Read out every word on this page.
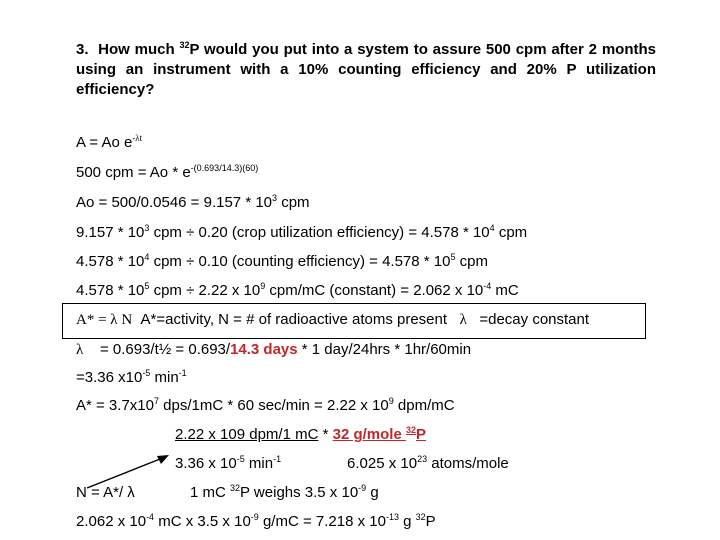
3. How much $^{32}$P would you put into a system to assure 500 cpm after 2 months using an instrument with a 10% counting efficiency and 20% P utilization efficiency?
A = Ao $e^{-\lambda t}$
500 cpm = Ao * $e^{-(0.693/14.3)(60)}$
$Ao = 500/0.0546 = 9.157 * 10^3$ cpm
$9.157 * 10^3$ cpm ÷ 0.20 (crop utilization efficiency) = $4.578 * 10^4$ cpm
$4.578 * 10^4$ cpm ÷ 0.10 (counting efficiency) = $4.578 * 10^5$ cpm
$4.578 * 10^5$ cpm ÷ 2.22 x $10^9$ cpm/mC (constant) = 2.062 x $10^{-4}$ mC
A* = λ N A*=activity, N = # of radioactive atoms present λ =decay constant
λ = 0.693/t½ = 0.693/14.3 days * 1 day/24hrs * 1hr/60min
=3.36 $x10^{-5}$ $\min^{-1}$
$A* = 3.7x10^7$ dps/1mC * 60 sec/min = 2.22 x $10^9$ dpm/mC
2.22 x 109 dpm/1 mC * 32 g/mole $^{32}$P
3.36 x $10^{-5}$ $\min^{-1}$	6.025 x $10^{23}$ atoms/mole
N = A*/ λ	1 mC $^{32}$P weighs 3.5 x $10^{-9}$ g
2.062 x $10^{-4}$ mC x 3.5 x $10^{-9}$ g/mC = 7.218 x $10^{-13}$ g $^{32}$P
